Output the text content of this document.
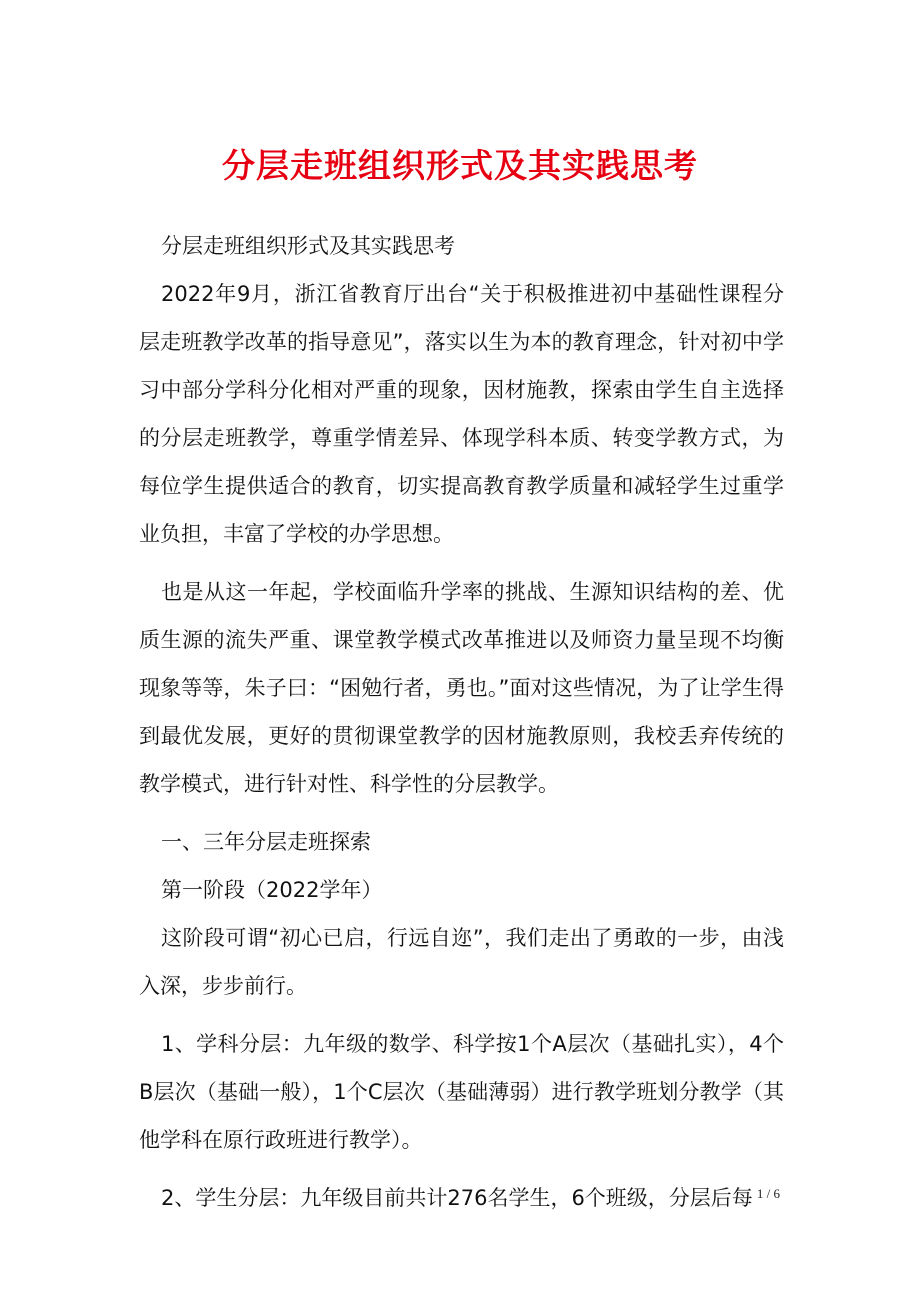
分层走班组织形式及其实践思考

分层走班组织形式及其实践思考

2022年9月，浙江省教育厅出台“关于积极推进初中基础性课程分层走班教学改革的指导意见”，落实以生为本的教育理念，针对初中学习中部分学科分化相对严重的现象，因材施教，探索由学生自主选择的分层走班教学，尊重学情差异、体现学科本质、转变学教方式，为每位学生提供适合的教育，切实提高教育教学质量和减轻学生过重学业负担，丰富了学校的办学思想。

也是从这一年起，学校面临升学率的挑战、生源知识结构的差、优质生源的流失严重、课堂教学模式改革推进以及师资力量呈现不均衡现象等等，朱子曰：“困勉行者，勇也。”面对这些情况，为了让学生得到最优发展，更好的贯彻课堂教学的因材施教原则，我校丢弃传统的教学模式，进行针对性、科学性的分层教学。

一、三年分层走班探索

第一阶段（2022学年）

这阶段可谓“初心已启，行远自迩”，我们走出了勇敢的一步，由浅入深，步步前行。

1、学科分层：九年级的数学、科学按1个A层次（基础扎实），4个B层次（基础一般），1个C层次（基础薄弱）进行教学班划分教学（其他学科在原行政班进行教学）。

2、学生分层：九年级目前共计276名学生，6个班级，分层后每 1 / 6
